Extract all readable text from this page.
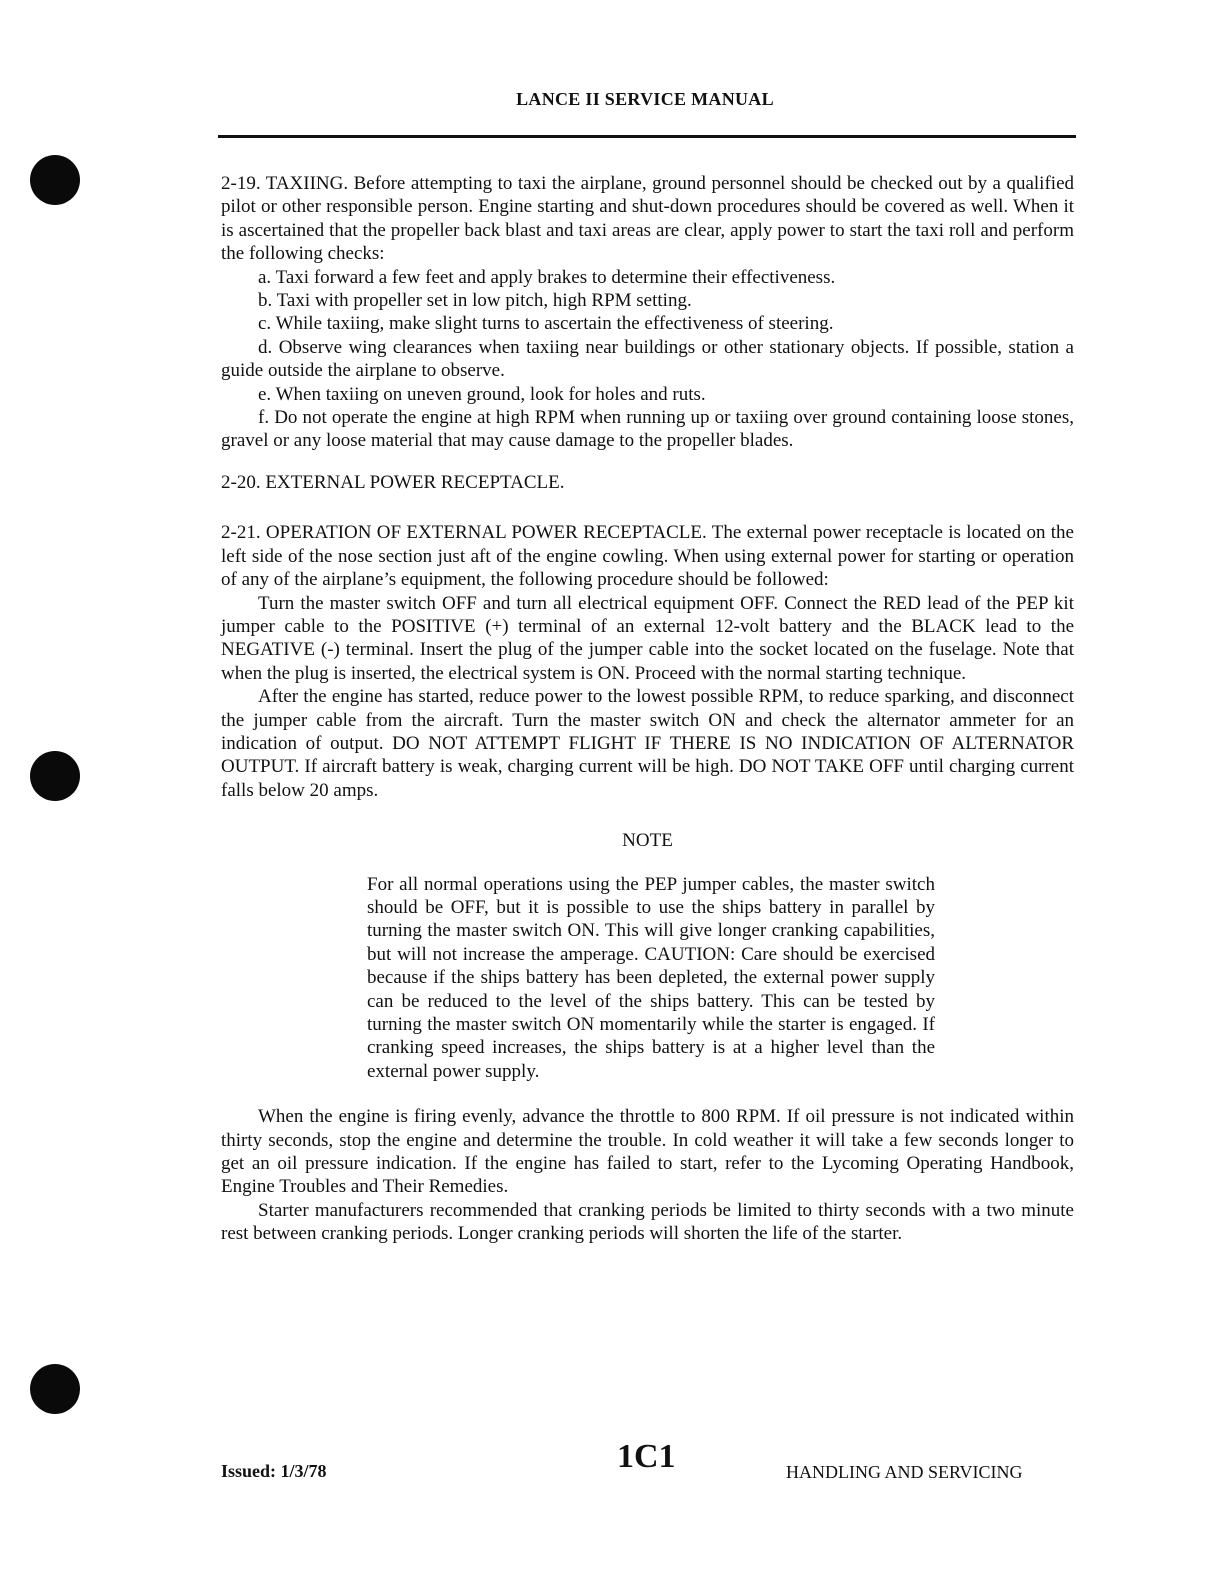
LANCE II SERVICE MANUAL

2-19. TAXIING. Before attempting to taxi the airplane, ground personnel should be checked out by a qualified pilot or other responsible person. Engine starting and shut-down procedures should be covered as well. When it is ascertained that the propeller back blast and taxi areas are clear, apply power to start the taxi roll and perform the following checks:

a. Taxi forward a few feet and apply brakes to determine their effectiveness.

b. Taxi with propeller set in low pitch, high RPM setting.

c. While taxiing, make slight turns to ascertain the effectiveness of steering.

d. Observe wing clearances when taxiing near buildings or other stationary objects. If possible, station a guide outside the airplane to observe.

e. When taxiing on uneven ground, look for holes and ruts.

f. Do not operate the engine at high RPM when running up or taxiing over ground containing loose stones, gravel or any loose material that may cause damage to the propeller blades.

2-20. EXTERNAL POWER RECEPTACLE.

2-21. OPERATION OF EXTERNAL POWER RECEPTACLE. The external power receptacle is located on the left side of the nose section just aft of the engine cowling. When using external power for starting or operation of any of the airplane’s equipment, the following procedure should be followed:

Turn the master switch OFF and turn all electrical equipment OFF. Connect the RED lead of the PEP kit jumper cable to the POSITIVE (+) terminal of an external 12-volt battery and the BLACK lead to the NEGATIVE (-) terminal. Insert the plug of the jumper cable into the socket located on the fuselage. Note that when the plug is inserted, the electrical system is ON. Proceed with the normal starting technique.

After the engine has started, reduce power to the lowest possible RPM, to reduce sparking, and disconnect the jumper cable from the aircraft. Turn the master switch ON and check the alternator ammeter for an indication of output. DO NOT ATTEMPT FLIGHT IF THERE IS NO INDICATION OF ALTERNATOR OUTPUT. If aircraft battery is weak, charging current will be high. DO NOT TAKE OFF until charging current falls below 20 amps.

NOTE

For all normal operations using the PEP jumper cables, the master switch should be OFF, but it is possible to use the ships battery in parallel by turning the master switch ON. This will give longer cranking capabilities, but will not increase the amperage. CAUTION: Care should be exercised because if the ships battery has been depleted, the external power supply can be reduced to the level of the ships battery. This can be tested by turning the master switch ON momentarily while the starter is engaged. If cranking speed increases, the ships battery is at a higher level than the external power supply.

When the engine is firing evenly, advance the throttle to 800 RPM. If oil pressure is not indicated within thirty seconds, stop the engine and determine the trouble. In cold weather it will take a few seconds longer to get an oil pressure indication. If the engine has failed to start, refer to the Lycoming Operating Handbook, Engine Troubles and Their Remedies.

Starter manufacturers recommended that cranking periods be limited to thirty seconds with a two minute rest between cranking periods. Longer cranking periods will shorten the life of the starter.

Issued: 1/3/78	1C1	HANDLING AND SERVICING
